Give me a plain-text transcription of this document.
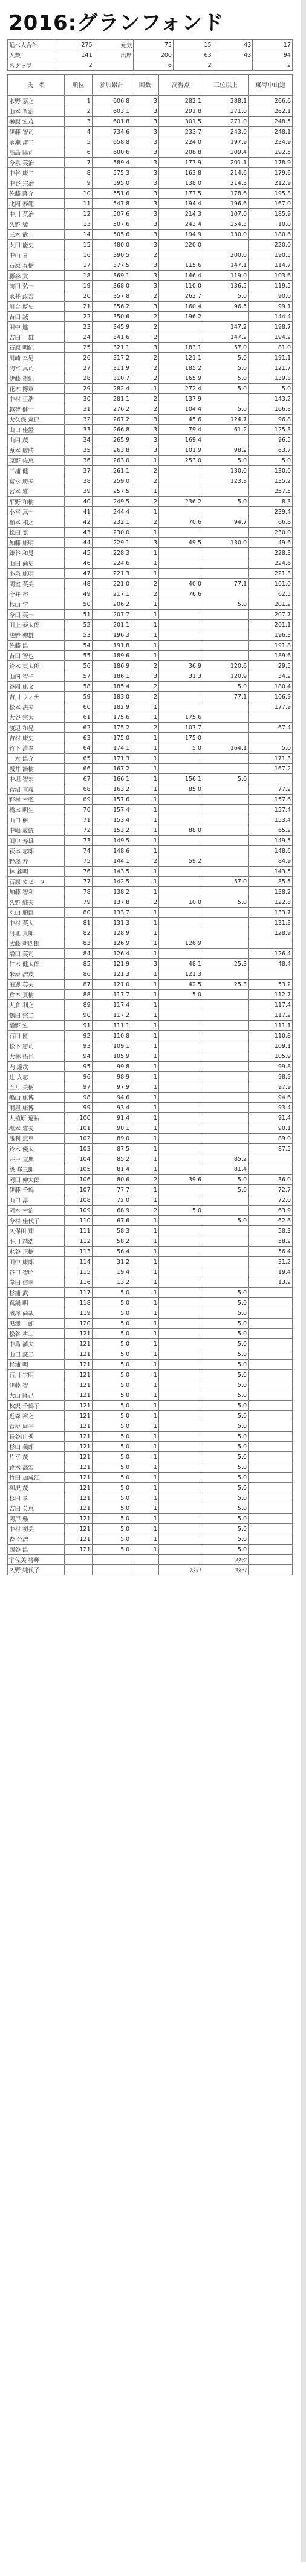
2016:グランフォンド
延べ人合計	275	元気	75	15	43	17
人数	141	出席	200	63	43	94
スタッフ	2		6	2		2
氏　名	順位	参加累計	回数	高得点	三位以上	東海中山道
水野 嘉之	1	606.8	3	282.1	288.1	266.6
山本 晋治	2	603.1	3	291.8	271.0	262.1
榊原 宏茂	3	601.8	3	301.5	271.0	248.5
伊藤 智司	4	734.6	3	233.7	243.0	248.1
永瀬 洋二	5	658.8	3	224.0	197.9	234.9
高島 陽司	6	600.6	3	208.8	209.4	192.5
今泉 英治	7	589.4	3	177.9	201.1	178.9
中谷 康二	8	575.3	3	163.8	214.6	179.6
中谷 宗治	9	595.0	3	138.0	214.3	212.9
佐藤 隆介	10	551.6	3	177.5	178.6	195.3
北岡 泰範	11	547.8	3	194.4	196.6	167.0
中川 英治	12	507.6	3	214.3	107.0	185.9
久野 猛	13	507.6	3	243.4	254.3	10.0
三木 武士	14	505.6	3	194.9	130.0	180.6
太田 能史	15	480.0	3	220.0		220.0
中山 喜	16	390.5	2		200.0	190.5
石原 春樹	17	377.5	3	115.6	147.1	114.7
藤森 貴	18	369.1	3	146.4	119.0	103.6
前田 弘一	19	368.0	3	110.0	136.5	119.5
永井 政吉	20	357.8	2	262.7	5.0	90.0
川合 厚史	21	356.2	3	160.4	96.5	99.1
吉田 誠	22	350.6	2	196.2		144.4
田中 進	23	345.9	2		147.2	198.7
吉田 一雄	24	341.6	2		147.2	194.2
石原 明紀	25	321.1	3	183.1	57.0	81.0
川崎 幸男	26	317.2	2	121.1	5.0	191.1
間宮 真司	27	311.9	2	185.2	5.0	121.7
伊藤 祐紀	28	310.7	2	165.9	5.0	139.8
花木 博章	29	282.4	1	272.4	5.0	5.0
中村 正浩	30	281.1	2	137.9		143.2
越智 健一	31	276.2	2	104.4	5.0	166.8
大久保 憲巳	32	267.2	3	45.6	124.7	96.8
山口 佳澄	33	266.8	3	79.4	61.2	125.3
山田 茂	34	265.9	3	169.4		96.5
兎本 敏勝	35	263.8	3	101.9	98.2	63.7
原野 佐恵	36	263.0	1	253.0	5.0	5.0
三浦 健	37	261.1	2		130.0	130.0
富永 勝夫	38	259.0	2		123.8	135.2
宮本 雅一	39	257.5	1			257.5
平野 和樹	40	249.5	2	236.2	5.0	8.3
小宮 真一	41	244.4	1			239.4
樋本 和之	42	232.1	2	70.6	94.7	66.8
松田 寛	43	230.0	1			230.0
加藤 康明	44	229.1	3	49.5	130.0	49.6
鎌谷 和晃	45	228.3	1			228.3
山田 尚史	46	224.6	1			224.6
小泉 康明	47	221.3	1			221.3
関室 英美	48	221.0	2	40.0	77.1	101.0
今井 裕	49	217.1	2	76.6		62.5
杉山 学	50	206.2	1		5.0	201.2
今田 英一	51	207.7	1			207.7
田上 泰太郎	52	201.1	1			201.1
浅野 伸雄	53	196.3	1			196.3
佐藤 浩	54	191.8	1			191.8
吉田 智也	55	189.6	1			189.6
鈴木 東太郎	56	186.9	2	36.9	120.6	29.5
山内 智子	57	186.1	3	31.3	120.9	34.2
谷岡 康文	58	185.4	2		5.0	180.4
吉川 ウィテ	59	183.0	2		77.1	106.9
松本 法夫	60	182.9	1			177.9
大谷 宗太	61	175.6	1	175.6		
渡辺 和晃	62	175.2	2	107.7		67.4
吉村 康史	63	175.0	1	175.0		
竹下 清孝	64	174.1	1	5.0	164.1	5.0
一木 浩介	65	171.3	1			171.3
坂井 浩樹	66	167.2	1			167.2
中堀 智宏	67	166.1	1	156.1	5.0	
菅沼 直義	68	163.2	1	85.0		77.2
野村 幸弘	69	157.6	1			157.6
橋本 明生	70	157.4	1			157.4
山口 樹	71	153.4	1			153.4
中嶋 義統	72	153.2	1	88.0		65.2
田中 寿雄	73	149.5	1			149.5
萩本 志郎	74	148.6	1			148.6
野澤 寿	75	144.1	2	59.2		84.9
林 義明	76	143.5	1			143.5
石原 カピーヌ	77	142.5	1		57.0	85.5
加藤 智利	78	138.2	1			138.2
久野 純夫	79	137.8	2	10.0	5.0	122.8
丸山 順臣	80	133.7	1			133.7
中村 英人	81	131.3	1			131.3
河北 貴郎	82	128.9	1			128.9
武藤 耕四郎	83	126.9	1	126.9		
増田 英司	84	126.4	1			126.4
仁木 健太郎	85	121.9	3	48.1	25.3	48.4
米原 浩茂	86	121.3	1	121.3		
田邊 英夫	87	121.0	1	42.5	25.3	53.2
倉本 真樹	88	117.7	1	5.0		112.7
大倉 利之	89	117.4	1			117.4
鶴田 宗二	90	117.2	1			117.2
増野 宏	91	111.1	1			111.1
石田 匠	92	110.8	1			110.8
松下 憲司	93	109.1	1			109.1
大林 拓也	94	105.9	1			105.9
内 達哉	95	99.8	1			99.8
辻 大志	96	98.9	1			98.9
五月 美樹	97	97.9	1			97.9
嶋山 康博	98	94.6	1			94.6
雨屋 康博	99	93.4	1			93.4
大植原 遼祐	100	91.4	1			91.4
塩本 雅夫	101	90.1	1			90.1
浅利 恵里	102	89.0	1			89.0
鈴木 優太	103	87.5	1			87.5
井戸 直典	104	85.2	1		85.2	
篠 修三郎	105	81.4	1		81.4	
岡田 伸太郎	106	80.6	2	39.6	5.0	36.0
伊藤 千鶴	107	77.7	1		5.0	72.7
山口 淳	108	72.0	1			72.0
岡本 幸治	109	68.9	2	5.0		63.9
今村 佳代子	110	67.6	1		5.0	62.6
久保田 翔	111	58.3	1			58.3
小川 靖浩	112	58.2	1			58.2
水谷 正樹	113	56.4	1			56.4
田中 康郎	114	31.2	1			31.2
谷口 智昭	115	19.4	1			19.4
岸田 信幸	116	13.2	1			13.2
杉浦 武	117	5.0	1		5.0	
真鍋 明	118	5.0	1		5.0	
濱澤 尚哉	119	5.0	1		5.0	
黒澤 一郎	120	5.0	1		5.0	
松谷 耕二	121	5.0	1		5.0	
中島 満夫	121	5.0	1		5.0	
山口 誠二	121	5.0	1		5.0	
杉浦 明	121	5.0	1		5.0	
石川 宗明	121	5.0	1		5.0	
伊藤 智	121	5.0	1		5.0	
大山 隆己	121	5.0	1		5.0	
秋沢 千鶴子	121	5.0	1		5.0	
近森 裕之	121	5.0	1		5.0	
菅原 周平	121	5.0	1		5.0	
長谷川 秀	121	5.0	1		5.0	
杉山 義郎	121	5.0	1		5.0	
片平 茂	121	5.0	1		5.0	
鈴木 高宏	121	5.0	1		5.0	
竹田 加成江	121	5.0	1		5.0	
柳沢 茂	121	5.0	1		5.0	
杉田 孝	121	5.0	1		5.0	
吉田 英恵	121	5.0	1		5.0	
関戸 雅	121	5.0	1		5.0	
中村 初美	121	5.0	1		5.0	
森 公浩	121	5.0	1		5.0	
西谷 浩	121	5.0	1		5.0	
宇佐美 将輝					ｽﾀｯﾌ	
久野 純代子				ｽﾀｯﾌ	ｽﾀｯﾌ	
